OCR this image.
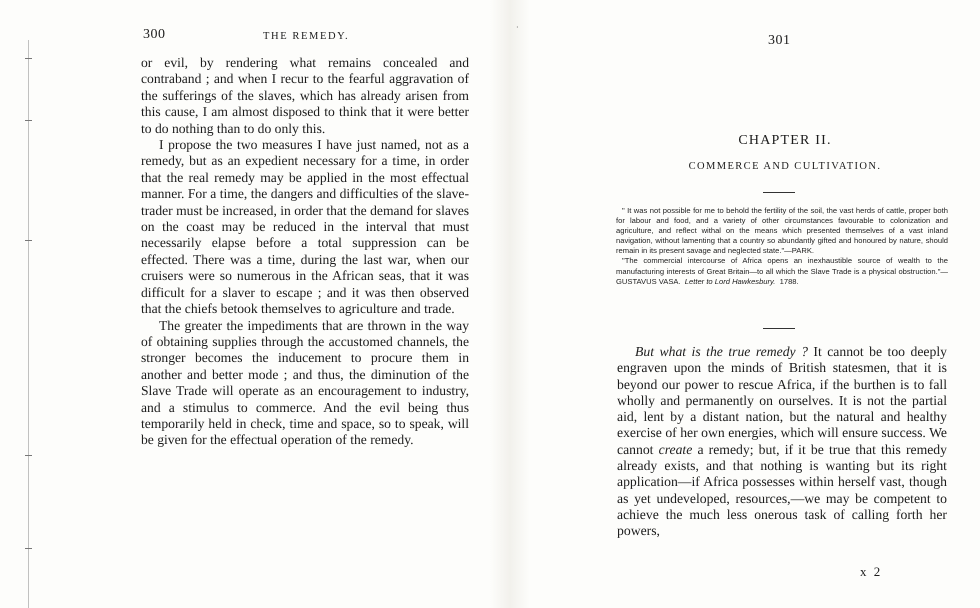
·
300	THE REMEDY.

or evil, by rendering what remains concealed and contraband ; and when I recur to the fearful aggravation of the sufferings of the slaves, which has already arisen from this cause, I am almost disposed to think that it were better to do nothing than to do only this.

I propose the two measures I have just named, not as a remedy, but as an expedient necessary for a time, in order that the real remedy may be applied in the most effectual manner. For a time, the dangers and difficulties of the slave-trader must be increased, in order that the demand for slaves on the coast may be reduced in the interval that must necessarily elapse before a total suppression can be effected. There was a time, during the last war, when our cruisers were so numerous in the African seas, that it was difficult for a slaver to escape ; and it was then observed that the chiefs betook themselves to agriculture and trade.

The greater the impediments that are thrown in the way of obtaining supplies through the accustomed channels, the stronger becomes the inducement to procure them in another and better mode ; and thus, the diminution of the Slave Trade will operate as an encouragement to industry, and a stimulus to commerce. And the evil being thus temporarily held in check, time and space, so to speak, will be given for the effectual operation of the remedy.

301
CHAPTER II.
COMMERCE AND CULTIVATION.

" It was not possible for me to behold the fertility of the soil, the vast herds of cattle, proper both for labour and food, and a variety of other circumstances favourable to colonization and agriculture, and reflect withal on the means which presented themselves of a vast inland navigation, without lamenting that a country so abundantly gifted and honoured by nature, should remain in its present savage and neglected state."—PARK.

"The commercial intercourse of Africa opens an inexhaustible source of wealth to the manufacturing interests of Great Britain—to all which the Slave Trade is a physical obstruction."—GUSTAVUS VASA. Letter to Lord Hawkesbury. 1788.

But what is the true remedy ? It cannot be too deeply engraven upon the minds of British statesmen, that it is beyond our power to rescue Africa, if the burthen is to fall wholly and permanently on ourselves. It is not the partial aid, lent by a distant nation, but the natural and healthy exercise of her own energies, which will ensure success. We cannot create a remedy; but, if it be true that this remedy already exists, and that nothing is wanting but its right application—if Africa possesses within herself vast, though as yet undeveloped, resources,—we may be competent to achieve the much less onerous task of calling forth her powers,

x 2
